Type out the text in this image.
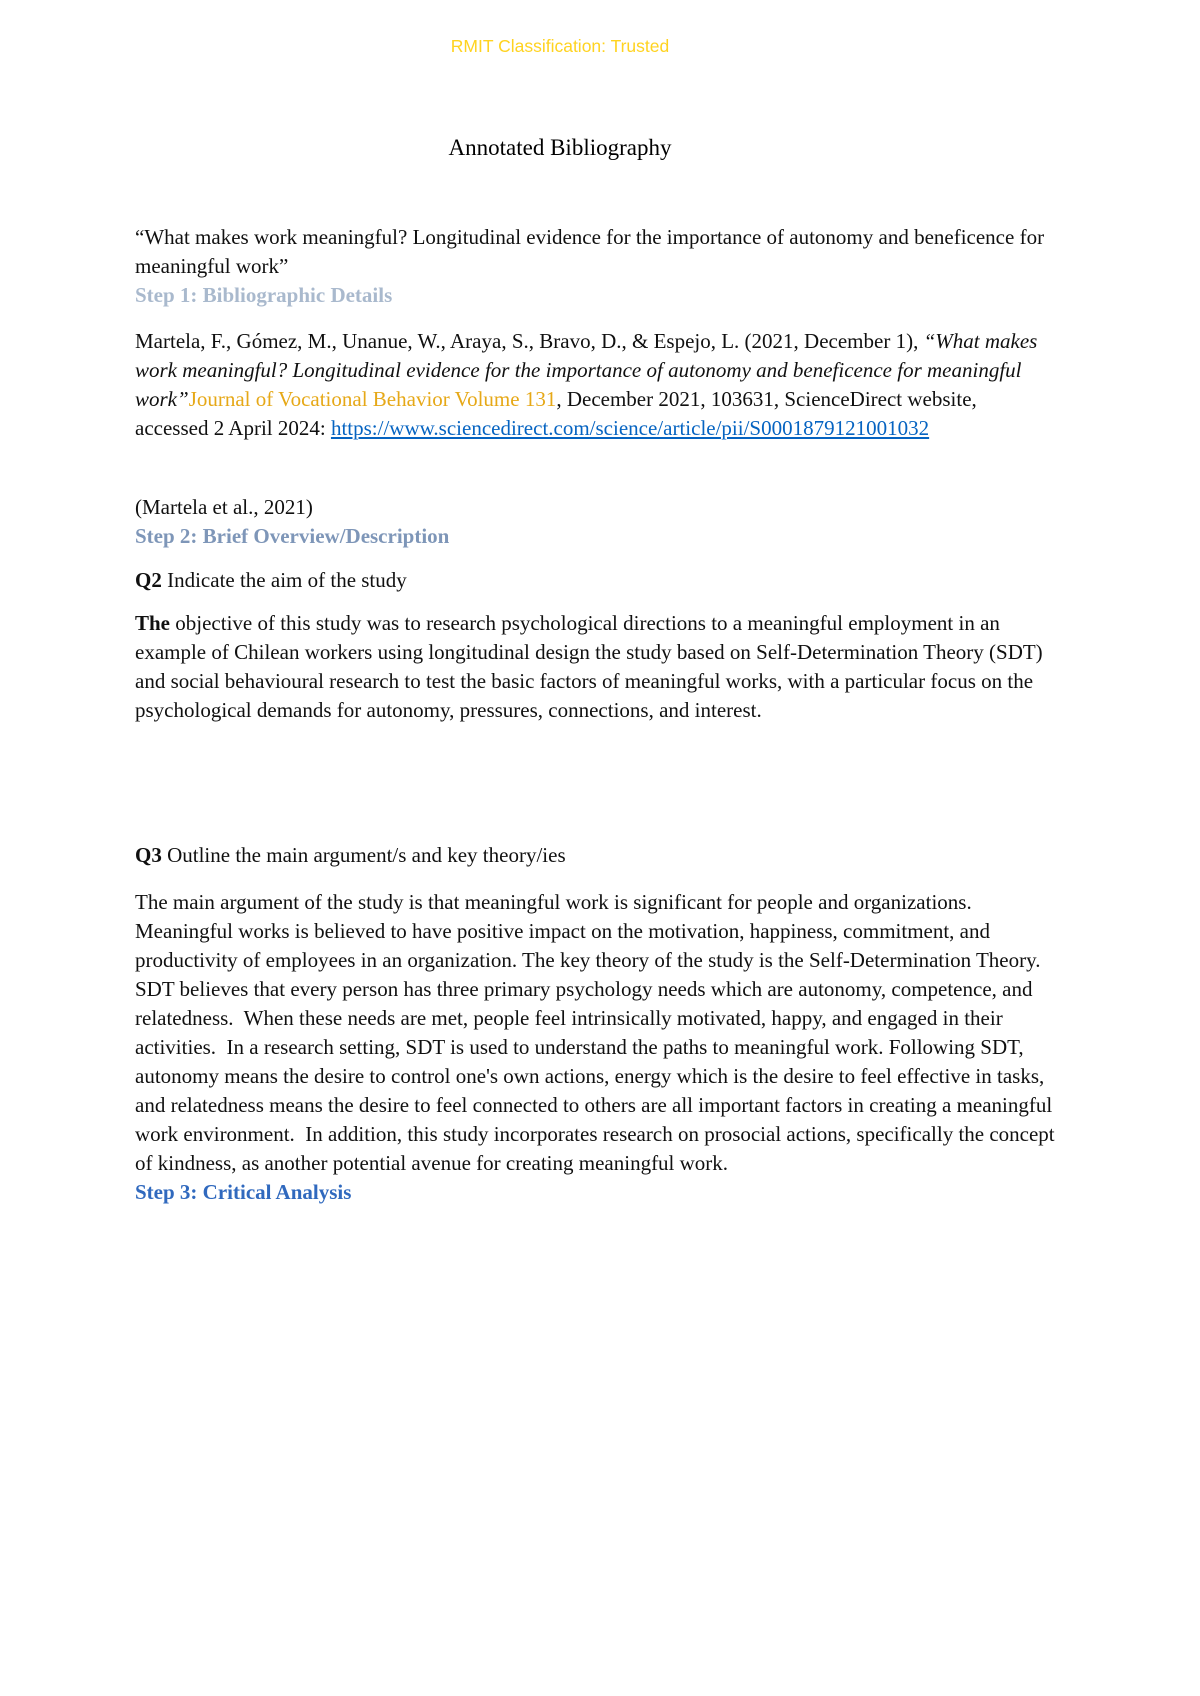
RMIT Classification: Trusted
Annotated Bibliography

“What makes work meaningful? Longitudinal evidence for the importance of autonomy and beneficence for meaningful work”

Step 1: Bibliographic Details

Martela, F., Gómez, M., Unanue, W., Araya, S., Bravo, D., & Espejo, L. (2021, December 1), “What makes work meaningful? Longitudinal evidence for the importance of autonomy and beneficence for meaningful work”Journal of Vocational Behavior Volume 131, December 2021, 103631, ScienceDirect website, accessed 2 April 2024: https://www.sciencedirect.com/science/article/pii/S0001879121001032

(Martela et al., 2021)

Step 2: Brief Overview/Description

Q2 Indicate the aim of the study

The objective of this study was to research psychological directions to a meaningful employment in an example of Chilean workers using longitudinal design the study based on Self-Determination Theory (SDT) and social behavioural research to test the basic factors of meaningful works, with a particular focus on the psychological demands for autonomy, pressures, connections, and interest.

Q3 Outline the main argument/s and key theory/ies

The main argument of the study is that meaningful work is significant for people and organizations. Meaningful works is believed to have positive impact on the motivation, happiness, commitment, and productivity of employees in an organization. The key theory of the study is the Self-Determination Theory.  SDT believes that every person has three primary psychology needs which are autonomy, competence, and relatedness.  When these needs are met, people feel intrinsically motivated, happy, and engaged in their activities.  In a research setting, SDT is used to understand the paths to meaningful work. Following SDT, autonomy means the desire to control one's own actions, energy which is the desire to feel effective in tasks, and relatedness means the desire to feel connected to others are all important factors in creating a meaningful work environment.  In addition, this study incorporates research on prosocial actions, specifically the concept of kindness, as another potential avenue for creating meaningful work.

Step 3: Critical Analysis
